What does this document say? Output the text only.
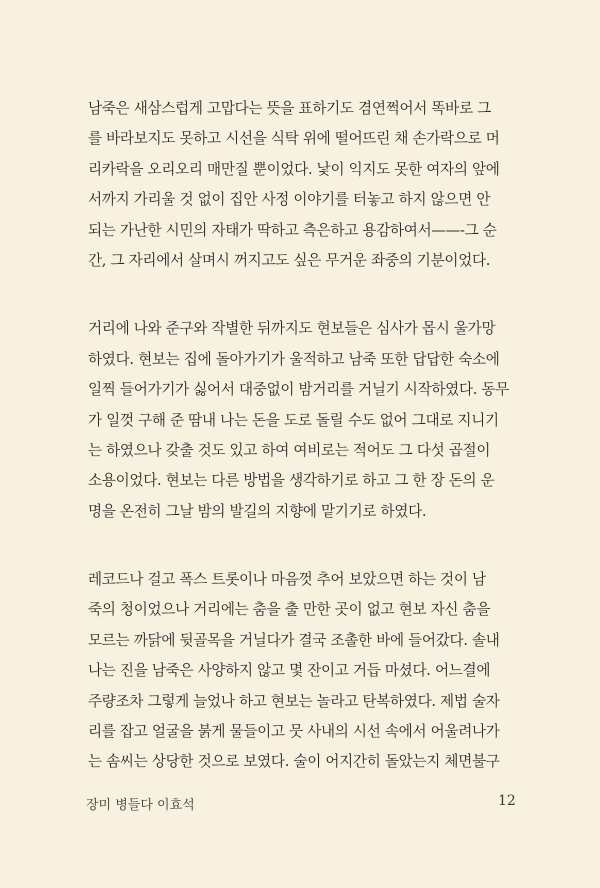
남죽은 새삼스럽게 고맙다는 뜻을 표하기도 겸연쩍어서 똑바로 그
를 바라보지도 못하고 시선을 식탁 위에 떨어뜨린 채 손가락으로 머
리카락을 오리오리 매만질 뿐이었다. 낯이 익지도 못한 여자의 앞에
서까지 가리울 것 없이 집안 사정 이야기를 터놓고 하지 않으면 안
되는 가난한 시민의 자태가 딱하고 측은하고 용감하여서——-그 순
간, 그 자리에서 살며시 꺼지고도 싶은 무거운 좌중의 기분이었다.
거리에 나와 준구와 작별한 뒤까지도 현보들은 심사가 몹시 울가망
하였다. 현보는 집에 돌아가기가 울적하고 남죽 또한 답답한 숙소에
일찍 들어가기가 싫어서 대중없이 밤거리를 거닐기 시작하였다. 동무
가 일껏 구해 준 땀내 나는 돈을 도로 돌릴 수도 없어 그대로 지니기
는 하였으나 갖출 것도 있고 하여 여비로는 적어도 그 다섯 곱절이
소용이었다. 현보는 다른 방법을 생각하기로 하고 그 한 장 돈의 운
명을 온전히 그날 밤의 발길의 지향에 맡기기로 하였다.
레코드나 걸고 폭스 트롯이나 마음껏 추어 보았으면 하는 것이 남
죽의 청이었으나 거리에는 춤을 출 만한 곳이 없고 현보 자신 춤을
모르는 까닭에 뒷골목을 거닐다가 결국 조촐한 바에 들어갔다. 솔내
나는 진을 남죽은 사양하지 않고 몇 잔이고 거듭 마셨다. 어느결에
주량조차 그렇게 늘었나 하고 현보는 놀라고 탄복하였다. 제법 술자
리를 잡고 얼굴을 붉게 물들이고 뭇 사내의 시선 속에서 어울려나가
는 솜씨는 상당한 것으로 보였다. 술이 어지간히 돌았는지 체면불구
장미 병들다 이효석	12
